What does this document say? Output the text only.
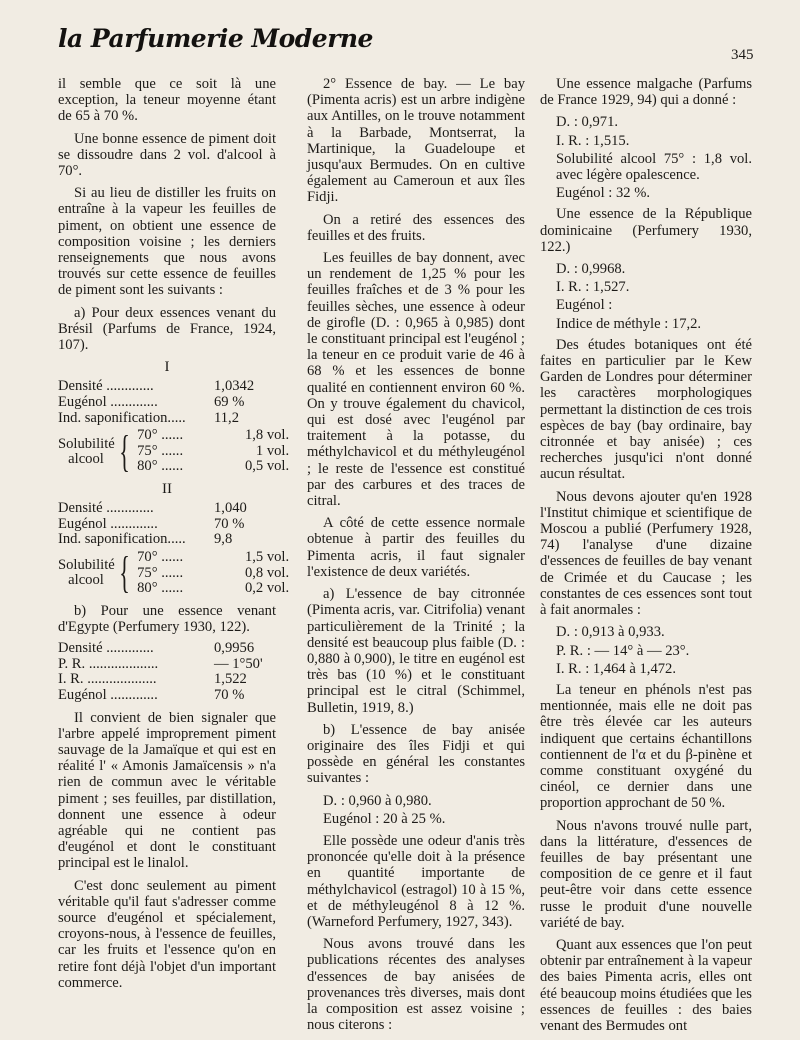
la Parfumerie Moderne
345

il semble que ce soit là une exception, la teneur moyenne étant de 65 à 70 %.

Une bonne essence de piment doit se dissoudre dans 2 vol. d'alcool à 70°.

Si au lieu de distiller les fruits on entraîne à la vapeur les feuilles de piment, on obtient une essence de composition voisine ; les derniers renseignements que nous avons trouvés sur cette essence de feuilles de piment sont les suivants :

a) Pour deux essences venant du Brésil (Parfums de France, 1924, 107).

I
Densité .............	1,0342
Eugénol .............	69 %
Ind. saponification.....	11,2
Solubilité alcool { 70° ......	1,8 vol.
75° ......	1 vol.
80° ......	0,5 vol.
II
Densité .............	1,040
Eugénol .............	70 %
Ind. saponification.....	9,8
Solubilité alcool { 70° ......	1,5 vol.
75° ......	0,8 vol.
80° ......	0,2 vol.

b) Pour une essence venant d'Egypte (Perfumery 1930, 122).

Densité .............	0,9956
P. R. ...................	— 1°50'
I. R. ...................	1,522
Eugénol .............	70 %

Il convient de bien signaler que l'arbre appelé improprement piment sauvage de la Jamaïque et qui est en réalité l' « Amonis Jamaïcensis » n'a rien de commun avec le véritable piment ; ses feuilles, par distillation, donnent une essence à odeur agréable qui ne contient pas d'eugénol et dont le constituant principal est le linalol.

C'est donc seulement au piment véritable qu'il faut s'adresser comme source d'eugénol et spécialement, croyons-nous, à l'essence de feuilles, car les fruits et l'essence qu'on en retire font déjà l'objet d'un important commerce.

2° Essence de bay. — Le bay (Pimenta acris) est un arbre indigène aux Antilles, on le trouve notamment à la Barbade, Montserrat, la Martinique, la Guadeloupe et jusqu'aux Bermudes. On en cultive également au Cameroun et aux îles Fidji.

On a retiré des essences des feuilles et des fruits.

Les feuilles de bay donnent, avec un rendement de 1,25 % pour les feuilles fraîches et de 3 % pour les feuilles sèches, une essence à odeur de girofle (D. : 0,965 à 0,985) dont le constituant principal est l'eugénol ; la teneur en ce produit varie de 46 à 68 % et les essences de bonne qualité en contiennent environ 60 %. On y trouve également du chavicol, qui est dosé avec l'eugénol par traitement à la potasse, du méthylchavicol et du méthyleugénol ; le reste de l'essence est constitué par des carbures et des traces de citral.

A côté de cette essence normale obtenue à partir des feuilles du Pimenta acris, il faut signaler l'existence de deux variétés.

a) L'essence de bay citronnée (Pimenta acris, var. Citrifolia) venant particulièrement de la Trinité ; la densité est beaucoup plus faible (D. : 0,880 à 0,900), le titre en eugénol est très bas (10 %) et le constituant principal est le citral (Schimmel, Bulletin, 1919, 8.)

b) L'essence de bay anisée originaire des îles Fidji et qui possède en général les constantes suivantes :

D. : 0,960 à 0,980.

Eugénol : 20 à 25 %.

Elle possède une odeur d'anis très prononcée qu'elle doit à la présence en quantité importante de méthylchavicol (estragol) 10 à 15 %, et de méthyleugénol 8 à 12 %. (Warneford Perfumery, 1927, 343).

Nous avons trouvé dans les publications récentes des analyses d'essences de bay anisées de provenances très diverses, mais dont la composition est assez voisine ; nous citerons :

Une essence malgache (Parfums de France 1929, 94) qui a donné :

D. : 0,971.

I. R. : 1,515.

Solubilité alcool 75° : 1,8 vol. avec légère opalescence.

Eugénol : 32 %.

Une essence de la République dominicaine (Perfumery 1930, 122.)

D. : 0,9968.

I. R. : 1,527.

Eugénol :

Indice de méthyle : 17,2.

Des études botaniques ont été faites en particulier par le Kew Garden de Londres pour déterminer les caractères morphologiques permettant la distinction de ces trois espèces de bay (bay ordinaire, bay citronnée et bay anisée) ; ces recherches jusqu'ici n'ont donné aucun résultat.

Nous devons ajouter qu'en 1928 l'Institut chimique et scientifique de Moscou a publié (Perfumery 1928, 74) l'analyse d'une dizaine d'essences de feuilles de bay venant de Crimée et du Caucase ; les constantes de ces essences sont tout à fait anormales :

D. : 0,913 à 0,933.

P. R. : — 14° à — 23°.

I. R. : 1,464 à 1,472.

La teneur en phénols n'est pas mentionnée, mais elle ne doit pas être très élevée car les auteurs indiquent que certains échantillons contiennent de l'α et du β-pinène et comme constituant oxygéné du cinéol, ce dernier dans une proportion approchant de 50 %.

Nous n'avons trouvé nulle part, dans la littérature, d'essences de feuilles de bay présentant une composition de ce genre et il faut peut-être voir dans cette essence russe le produit d'une nouvelle variété de bay.

Quant aux essences que l'on peut obtenir par entraînement à la vapeur des baies Pimenta acris, elles ont été beaucoup moins étudiées que les essences de feuilles : des baies venant des Bermudes ont
